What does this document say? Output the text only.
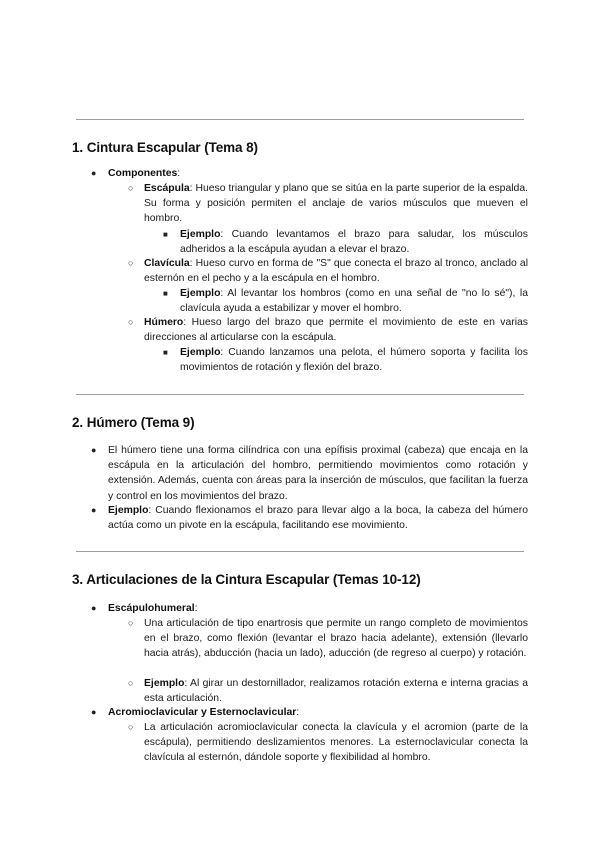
1. Cintura Escapular (Tema 8)
● Componentes:

○ Escápula: Hueso triangular y plano que se sitúa en la parte superior de la espalda. Su forma y posición permiten el anclaje de varios músculos que mueven el hombro.

■ Ejemplo: Cuando levantamos el brazo para saludar, los músculos adheridos a la escápula ayudan a elevar el brazo.

○ Clavícula: Hueso curvo en forma de "S" que conecta el brazo al tronco, anclado al esternón en el pecho y a la escápula en el hombro.

■ Ejemplo: Al levantar los hombros (como en una señal de "no lo sé"), la clavícula ayuda a estabilizar y mover el hombro.

○ Húmero: Hueso largo del brazo que permite el movimiento de este en varias direcciones al articularse con la escápula.

■ Ejemplo: Cuando lanzamos una pelota, el húmero soporta y facilita los movimientos de rotación y flexión del brazo.

2. Húmero (Tema 9)
● El húmero tiene una forma cilíndrica con una epífisis proximal (cabeza) que encaja en la escápula en la articulación del hombro, permitiendo movimientos como rotación y extensión. Además, cuenta con áreas para la inserción de músculos, que facilitan la fuerza y control en los movimientos del brazo.

● Ejemplo: Cuando flexionamos el brazo para llevar algo a la boca, la cabeza del húmero actúa como un pivote en la escápula, facilitando ese movimiento.

3. Articulaciones de la Cintura Escapular (Temas 10-12)
● Escápulohumeral:

○ Una articulación de tipo enartrosis que permite un rango completo de movimientos en el brazo, como flexión (levantar el brazo hacia adelante), extensión (llevarlo hacia atrás), abducción (hacia un lado), aducción (de regreso al cuerpo) y rotación.

○ Ejemplo: Al girar un destornillador, realizamos rotación externa e interna gracias a esta articulación.

● Acromioclavicular y Esternoclavicular:

○ La articulación acromioclavicular conecta la clavícula y el acromion (parte de la escápula), permitiendo deslizamientos menores. La esternoclavicular conecta la clavícula al esternón, dándole soporte y flexibilidad al hombro.
